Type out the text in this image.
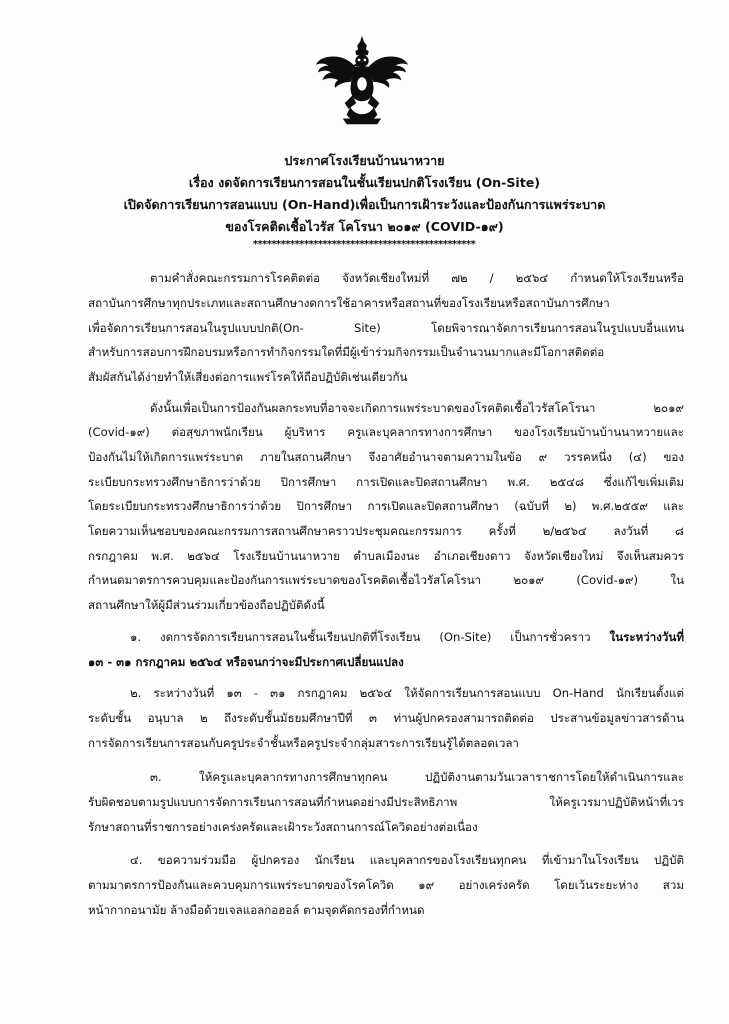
ประกาศโรงเรียนบ้านนาหวาย
เรื่อง งดจัดการเรียนการสอนในชั้นเรียนปกติโรงเรียน (On-Site)
เปิดจัดการเรียนการสอนแบบ (On-Hand)เพื่อเป็นการเฝ้าระวังและป้องกันการแพร่ระบาด
ของโรคติดเชื้อไวรัส โคโรนา ๒๐๑๙ (COVID-๑๙)
************************************************
ตามคำสั่งคณะกรรมการโรคติดต่อ จังหวัดเชียงใหม่ที่ ๗๒ / ๒๕๖๔ กำหนดให้โรงเรียนหรือ
สถาบันการศึกษาทุกประเภทและสถานศึกษางดการใช้อาคารหรือสถานที่ของโรงเรียนหรือสถาบันการศึกษา
เพื่อจัดการเรียนการสอนในรูปแบบปกติ(On- Site) โดยพิจารณาจัดการเรียนการสอนในรูปแบบอื่นแทน
สำหรับการสอบการฝึกอบรมหรือการทำกิจกรรมใดที่มีผู้เข้าร่วมกิจกรรมเป็นจำนวนมากและมีโอกาสติดต่อ
สัมผัสกันได้ง่ายทำให้เสี่ยงต่อการแพร่โรคให้ถือปฏิบัติเช่นเดียวกัน
ดังนั้นเพื่อเป็นการป้องกันผลกระทบที่อาจจะเกิดการแพร่ระบาดของโรคติดเชื้อไวรัสโคโรนา ๒๐๑๙
(Covid-๑๙) ต่อสุขภาพนักเรียน ผู้บริหาร ครูและบุคลากรทางการศึกษา ของโรงเรียนบ้านบ้านนาหวายและ
ป้องกันไม่ให้เกิดการแพร่ระบาด ภายในสถานศึกษา จึงอาศัยอำนาจตามความในข้อ ๙ วรรคหนึ่ง (๔) ของ
ระเบียบกระทรวงศึกษาธิการว่าด้วย ปิการศึกษา การเปิดและปิดสถานศึกษา พ.ศ. ๒๕๔๘ ซึ่งแก้ไขเพิ่มเติม
โดยระเบียบกระทรวงศึกษาธิการว่าด้วย ปิการศึกษา การเปิดและปิดสถานศึกษา (ฉบับที่ ๒) พ.ศ.๒๕๕๙ และ
โดยความเห็นชอบของคณะกรรมการสถานศึกษาคราวประชุมคณะกรรมการ ครั้งที่ ๒/๒๕๖๔ ลงวันที่ ๘
กรกฎาคม พ.ศ. ๒๕๖๔ โรงเรียนบ้านนาหวาย ตำบลเมืองนะ อำเภอเชียงดาว จังหวัดเชียงใหม่ จึงเห็นสมควร
กำหนดมาตรการควบคุมและป้องกันการแพร่ระบาดของโรคติดเชื้อไวรัสโคโรนา ๒๐๑๙ (Covid-๑๙) ใน
สถานศึกษาให้ผู้มีส่วนร่วมเกี่ยวข้องถือปฏิบัติดังนี้
๑. งดการจัดการเรียนการสอนในชั้นเรียนปกติที่โรงเรียน (On-Site) เป็นการชั่วคราว ในระหว่างวันที่
๑๓ - ๓๑ กรกฎาคม ๒๕๖๔ หรือจนกว่าจะมีประกาศเปลี่ยนแปลง
๒. ระหว่างวันที่ ๑๓ - ๓๑ กรกฎาคม ๒๕๖๔ ให้จัดการเรียนการสอนแบบ On-Hand นักเรียนตั้งแต่
ระดับชั้น อนุบาล ๒ ถึงระดับชั้นมัธยมศึกษาปีที่ ๓ ท่านผู้ปกครองสามารถติดต่อ ประสานข้อมูลข่าวสารด้าน
การจัดการเรียนการสอนกับครูประจำชั้นหรือครูประจำกลุ่มสาระการเรียนรู้ได้ตลอดเวลา
๓. ให้ครูและบุคลากรทางการศึกษาทุกคน ปฏิบัติงานตามวันเวลาราชการโดยให้ดำเนินการและ
รับผิดชอบตามรูปแบบการจัดการเรียนการสอนที่กำหนดอย่างมีประสิทธิภาพ ให้ครูเวรมาปฏิบัติหน้าที่เวร
รักษาสถานที่ราชการอย่างเคร่งครัดและเฝ้าระวังสถานการณ์โควิดอย่างต่อเนื่อง
๔. ขอความร่วมมือ ผู้ปกครอง นักเรียน และบุคลากรของโรงเรียนทุกคน ที่เข้ามาในโรงเรียน ปฏิบัติ
ตามมาตรการป้องกันและควบคุมการแพร่ระบาดของโรคโควิด ๑๙ อย่างเคร่งครัด โดยเว้นระยะห่าง สวม
หน้ากากอนามัย ล้างมือด้วยเจลแอลกอฮอล์ ตามจุดคัดกรองที่กำหนด
